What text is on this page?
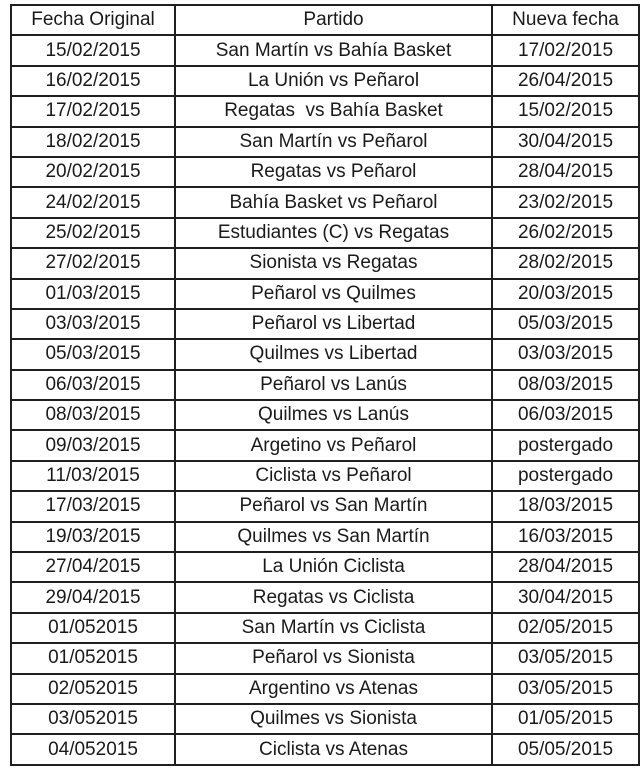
Fecha Original	Partido	Nueva fecha
15/02/2015	San Martín vs Bahía Basket	17/02/2015
16/02/2015	La Unión vs Peñarol	26/04/2015
17/02/2015	Regatas  vs Bahía Basket	15/02/2015
18/02/2015	San Martín vs Peñarol	30/04/2015
20/02/2015	Regatas vs Peñarol	28/04/2015
24/02/2015	Bahía Basket vs Peñarol	23/02/2015
25/02/2015	Estudiantes (C) vs Regatas	26/02/2015
27/02/2015	Sionista vs Regatas	28/02/2015
01/03/2015	Peñarol vs Quilmes	20/03/2015
03/03/2015	Peñarol vs Libertad	05/03/2015
05/03/2015	Quilmes vs Libertad	03/03/2015
06/03/2015	Peñarol vs Lanús	08/03/2015
08/03/2015	Quilmes vs Lanús	06/03/2015
09/03/2015	Argetino vs Peñarol	postergado
11/03/2015	Ciclista vs Peñarol	postergado
17/03/2015	Peñarol vs San Martín	18/03/2015
19/03/2015	Quilmes vs San Martín	16/03/2015
27/04/2015	La Unión Ciclista	28/04/2015
29/04/2015	Regatas vs Ciclista	30/04/2015
01/052015	San Martín vs Ciclista	02/05/2015
01/052015	Peñarol vs Sionista	03/05/2015
02/052015	Argentino vs Atenas	03/05/2015
03/052015	Quilmes vs Sionista	01/05/2015
04/052015	Ciclista vs Atenas	05/05/2015
